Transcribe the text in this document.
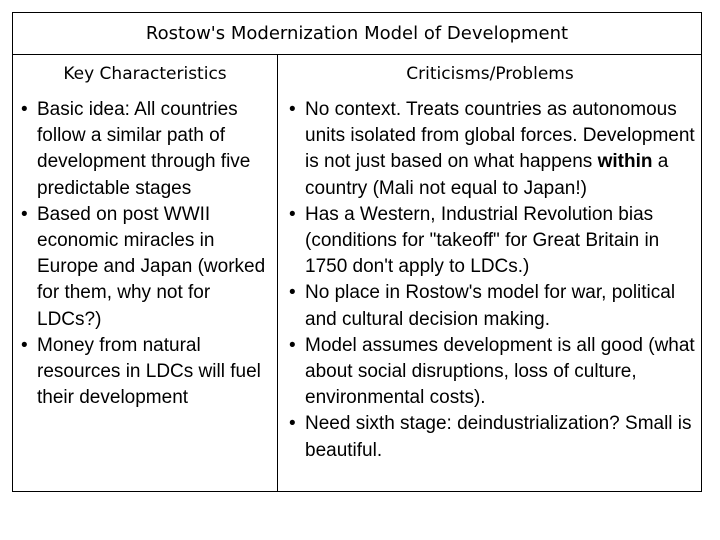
Rostow's Modernization Model of Development
Key Characteristics	Criticisms/Problems
• Basic idea: All countries follow a similar path of development through five predictable stages
• Based on post WWII economic miracles in Europe and Japan (worked for them, why not for LDCs?)
• Money from natural resources in LDCs will fuel their development
• No context. Treats countries as autonomous units isolated from global forces. Development is not just based on what happens within a country (Mali not equal to Japan!)
• Has a Western, Industrial Revolution bias (conditions for "takeoff" for Great Britain in 1750 don't apply to LDCs.)
• No place in Rostow's model for war, political and cultural decision making.
• Model assumes development is all good (what about social disruptions, loss of culture, environmental costs).
• Need sixth stage: deindustrialization? Small is beautiful.
